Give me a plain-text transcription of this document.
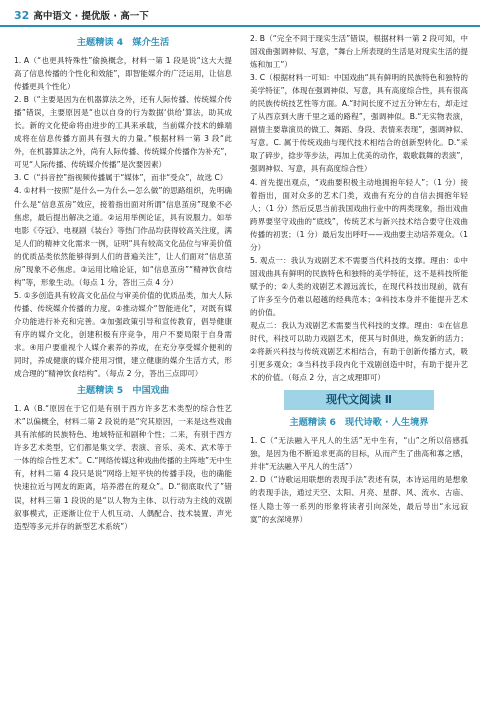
32 高中语文 · 提优版 · 高一下
主题精读 4　媒介生活

1. A（“也更具特殊性”偷换概念，材料一第 1 段是说“这大大提高了信息传播的个性化和效能”，即智能媒介的广泛运用，让信息传播更具个性化）

2. B（“主要是因为在机器算法之外，还有人际传播、传统媒介传播”错误，主要原因是“也以自身的行为数据‘供给’算法，助其成长。新的文化使命将由进步的工具来承载，当前媒介技术的蜂端成将在信息传播方面具有强大的力量。”根据材料一第 3 段“此外，在机器算法之外，尚有人际传播、传统媒介传播作为补充”，可见“人际传播、传统媒介传播”是次要因素）

3. C（“抖音控”指视频传播属于“媒体”，而非“受众”，故选 C）

4. ①材料一按照“是什么—为什么—怎么做”的思路组织，先明确什么是“信息茧房”效应，接着指出面对所谓“信息茧房”现象不必焦虑，最后提出解决之道。②运用举例论证，具有说服力。如举电影《夺冠》、电视剧《装台》等热门作品均获得较高关注度，满足人们的精神文化需求一例，证明“具有较高文化品位与审美价值的优质品类依然能够得到人们的普遍关注”，让人们面对“信息茧房”现象不必焦虑。③运用比喻论证，如“信息茧房”“精神饮食结构”等，形象生动。（每点 1 分，答出三点 4 分）

5. ①多创造具有较高文化品位与审美价值的优质品类，加大人际传播、传统媒介传播的力度。②推动媒介“智能进化”，对既有媒介功能进行补充和完善。③加强政策引导和宣传教育，倡导健康有序的媒介文化，创建积极有序竞争，用户不要局限于自身需求。④用户要重视个人媒介素养的养成，在充分享受媒介便利的同时，养成健康的媒介使用习惯，建立健康的媒介生活方式，形成合理的“精神饮食结构”。（每点 2 分，答出三点即可）

主题精读 5　中国戏曲

1. A（B.“原因在于它们是有别于西方许多艺术类型的综合性艺术”以偏概全，材料二第 2 段说的是“究其原因，一来是这些戏曲具有浓郁的民族特色、地域特征和剧种个性；二来，有别于西方许多艺术类型，它们都是集文学、表演、音乐、美术、武术等于一体的综合性艺术”。C.“网络传媒这种戏曲传播的主阵地”无中生有，材料二第 4 段只是说“网络上短平快的传播手段，也的确能快速拉近与网友的距离，培养潜在的观众”。D.“彻底取代了”错误，材料三第 1 段说的是“以人物为主体、以行动为主线的戏剧叙事模式，正逐渐让位于人机互动、人偶配合、技术装置、声光造型等多元并存的新型艺术系统”）

2. B（“完全不同于现实生活”错误，根据材料一第 2 段可知，中国戏曲强调神似、写意，“舞台上所表现的生活是对现实生活的提炼和加工”）

3. C（根据材料一可知：中国戏曲“具有鲜明的民族特色和独特的美学特征”，体现在强调神似、写意，具有高度综合性，具有很高的民族传统技艺性等方面。A.“时间长度不过五分钟左右，却走过了从西京到大唐千里之遥的路程”，强调神似。B.“无实物表演，剧情主要靠演员的做工、舞蹈、身段、表情来表现”，强调神似、写意。C. 属于传统戏曲与现代技术相结合的创新型转化。D.“采取了碎步，捻步等步法，再加上优美的动作，载歌载舞的表演”，强调神似、写意，具有高度综合性）

4. 首先提出观点，“戏曲要积极主动地拥抱年轻人”；（1 分）接着指出，面对众多的艺术门类，戏曲有充分的自信去拥抱年轻人；（1 分）然后反思当前我国戏曲行业中的两类现象，指出戏曲跨界要坚守戏曲的“底线”，传统艺术与新兴技术结合要守住戏曲传播的初衷；（1 分）最后发出呼吁——戏曲要主动培养观众。（1 分）

5. 观点一：我认为戏剧艺术不需要当代科技的支撑。理由：①中国戏曲具有鲜明的民族特色和独特的美学特征，这不是科技所能赋予的；②人类的戏剧艺术源远流长，在现代科技出现前，就有了许多至今仍难以超越的经典范本；③科技本身并不能提升艺术的价值。

观点二：我认为戏剧艺术需要当代科技的支撑。理由：①在信息时代，科技可以助力戏剧艺术，使其与时俱进，焕发新的活力；②将新兴科技与传统戏剧艺术相结合，有助于创新传播方式，吸引更多观众；③当科技手段内化于戏剧创造中时，有助于提升艺术的价值。（每点 2 分，言之成理即可）

现代文阅读 Ⅱ
主题精读 6　现代诗歌 · 人生境界

1. C（“无法融入平凡人的生活”无中生有，“山”之所以倍感孤独，是因为他不断追求更高的目标，从而产生了曲高和寡之感，并非“无法融入平凡人的生活”）

2. D（“诗歌运用联想的表现手法”表述有误，本诗运用的是想象的表现手法，通过天空、太阳、月亮、星群、风、流水、古庙、怪人隐士等一系列的形象将读者引向深处，最后导出“永远寂寞”的玄深境界）
